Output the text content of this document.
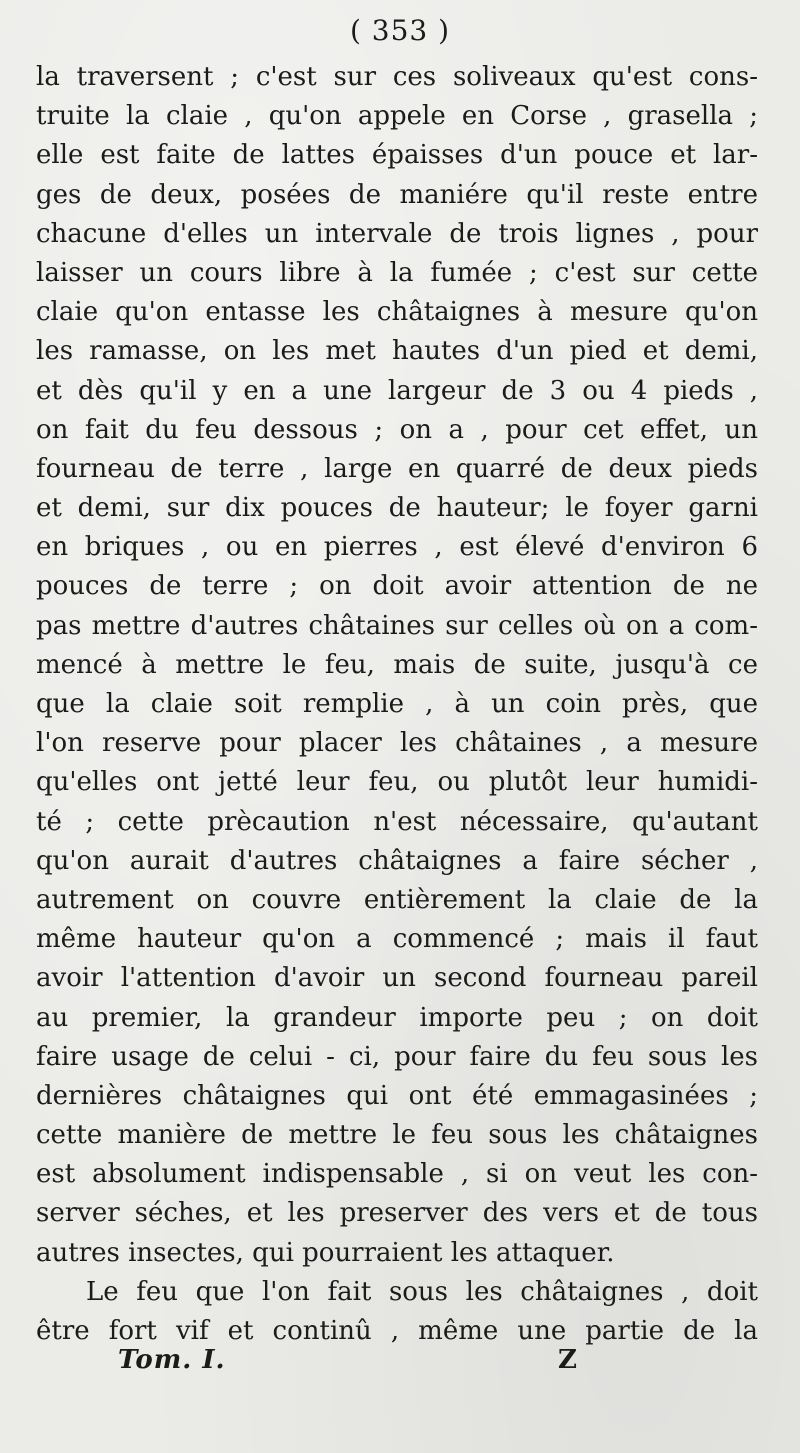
( 353 )
la traversent ; c'est sur ces soliveaux qu'est cons-
truite la claie , qu'on appele en Corse , grasella ;
elle est faite de lattes épaisses d'un pouce et lar-
ges de deux, posées de maniére qu'il reste entre
chacune d'elles un intervale de trois lignes , pour
laisser un cours libre à la fumée ; c'est sur cette
claie qu'on entasse les châtaignes à mesure qu'on
les ramasse, on les met hautes d'un pied et demi,
et dès qu'il y en a une largeur de 3 ou 4 pieds ,
on fait du feu dessous ; on a , pour cet effet, un
fourneau de terre , large en quarré de deux pieds
et demi, sur dix pouces de hauteur; le foyer garni
en briques , ou en pierres , est élevé d'environ 6
pouces de terre ; on doit avoir attention de ne
pas mettre d'autres châtaines sur celles où on a com-
mencé à mettre le feu, mais de suite, jusqu'à ce
que la claie soit remplie , à un coin près, que
l'on reserve pour placer les châtaines , a mesure
qu'elles ont jetté leur feu, ou plutôt leur humidi-
té ; cette prècaution n'est nécessaire, qu'autant
qu'on aurait d'autres châtaignes a faire sécher ,
autrement on couvre entièrement la claie de la
même hauteur qu'on a commencé ; mais il faut
avoir l'attention d'avoir un second fourneau pareil
au premier, la grandeur importe peu ; on doit
faire usage de celui - ci, pour faire du feu sous les
dernières châtaignes qui ont été emmagasinées ;
cette manière de mettre le feu sous les châtaignes
est absolument indispensable , si on veut les con-
server séches, et les preserver des vers et de tous
autres insectes, qui pourraient les attaquer.
Le feu que l'on fait sous les châtaignes , doit
être fort vif et continû , même une partie de la
Tom. I.	Z
